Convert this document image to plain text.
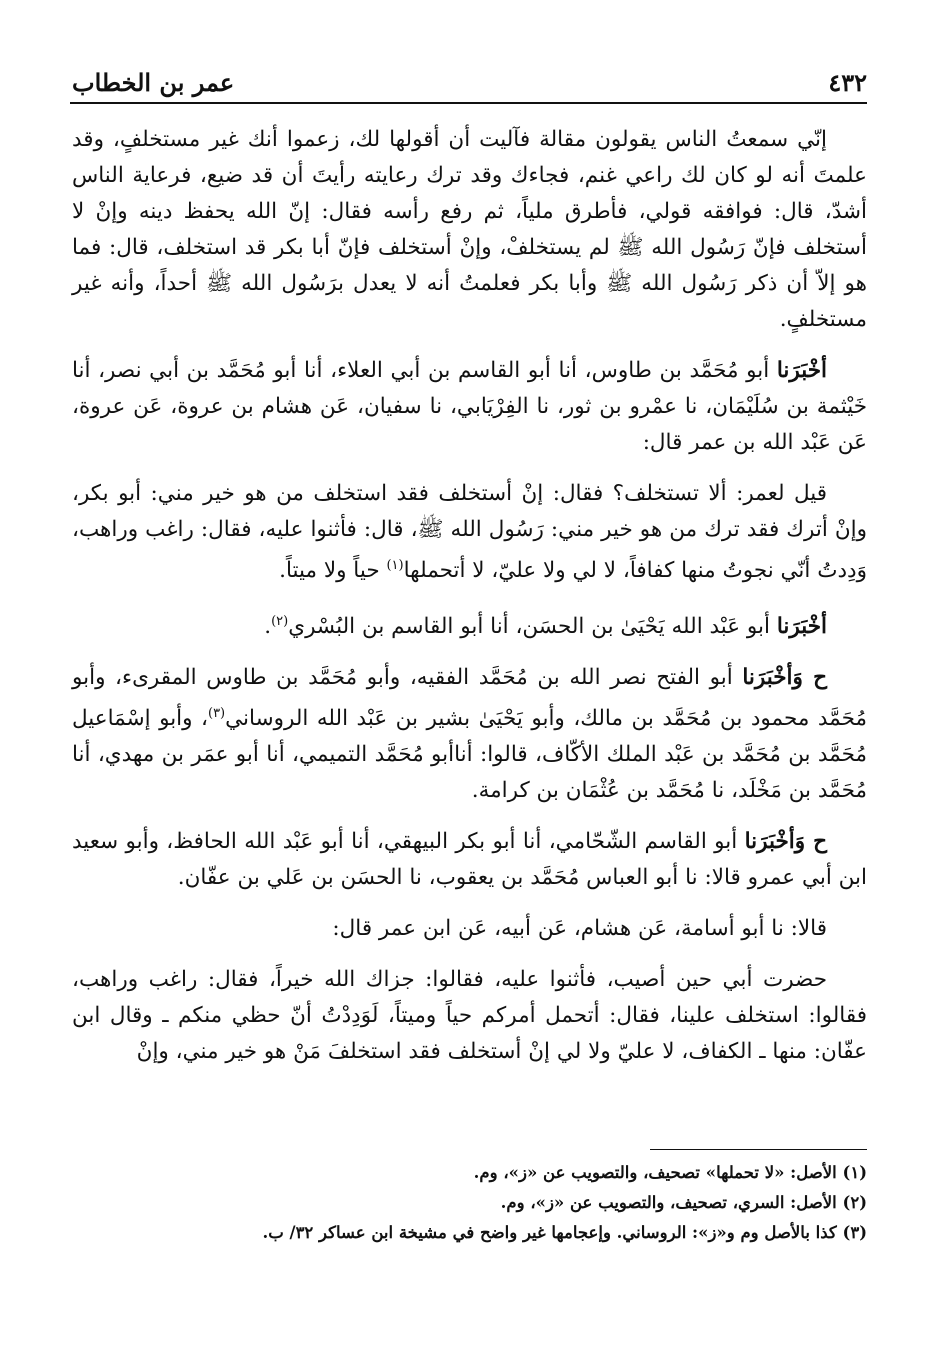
٤٣٢
عمر بن الخطاب

إنّي سمعتُ الناس يقولون مقالة فآليت أن أقولها لك، زعموا أنك غير مستخلفٍ، وقد علمتَ أنه لو كان لك راعي غنم، فجاءك وقد ترك رعايته رأيتَ أن قد ضيع، فرعاية الناس أشدّ، قال: فوافقه قولي، فأطرق ملياً، ثم رفع رأسه فقال: إنّ الله يحفظ دينه وإنْ لا أستخلف فإنّ رَسُول الله ﷺ لم يستخلفْ، وإنْ أستخلف فإنّ أبا بكر قد استخلف، قال: فما هو إلاّ أن ذكر رَسُول الله ﷺ وأبا بكر فعلمتُ أنه لا يعدل برَسُول الله ﷺ أحداً، وأنه غير مستخلفٍ.

أخْبَرَنا أبو مُحَمَّد بن طاوس، أنا أبو القاسم بن أبي العلاء، أنا أبو مُحَمَّد بن أبي نصر، أنا خَيْثمة بن سُلَيْمَان، نا عمْرو بن ثور، نا الفِرْيَابي، نا سفيان، عَن هشام بن عروة، عَن عروة، عَن عَبْد الله بن عمر قال:

قيل لعمر: ألا تستخلف؟ فقال: إنْ أستخلف فقد استخلف من هو خير مني: أبو بكر، وإنْ أترك فقد ترك من هو خير مني: رَسُول الله ﷺ، قال: فأثنوا عليه، فقال: راغب وراهب، وَدِدتُ أنّي نجوتُ منها كفافاً، لا لي ولا عليّ، لا أتحملها$^{(١)}$ حياً ولا ميتاً.

أخْبَرَنا أبو عَبْد الله يَحْيَىٰ بن الحسَن، أنا أبو القاسم بن البُسْري$^{(٢)}$.

ح وَأخْبَرَنا أبو الفتح نصر الله بن مُحَمَّد الفقيه، وأبو مُحَمَّد بن طاوس المقرىء، وأبو مُحَمَّد محمود بن مُحَمَّد بن مالك، وأبو يَحْيَىٰ بشير بن عَبْد الله الروساني$^{(٣)}$، وأبو إسْمَاعيل مُحَمَّد بن مُحَمَّد بن عَبْد الملك الأكّاف، قالوا: أناأبو مُحَمَّد التميمي، أنا أبو عمَر بن مهدي، أنا مُحَمَّد بن مَخْلَد، نا مُحَمَّد بن عُثْمَان بن كرامة.

ح وَأخْبَرَنا أبو القاسم الشّحّامي، أنا أبو بكر البيهقي، أنا أبو عَبْد الله الحافظ، وأبو سعيد ابن أبي عمرو قالا: نا أبو العباس مُحَمَّد بن يعقوب، نا الحسَن بن عَلي بن عفّان.

قالا: نا أبو أسامة، عَن هشام، عَن أبيه، عَن ابن عمر قال:

حضرت أبي حين أصيب، فأثنوا عليه، فقالوا: جزاك الله خيراً، فقال: راغب وراهب، فقالوا: استخلف علينا، فقال: أتحمل أمركم حياً وميتاً، لَوَدِدْتُ أنّ حظي منكم ـ وقال ابن عفّان: منها ـ الكفاف، لا عليّ ولا لي إنْ أستخلف فقد استخلفَ مَنْ هو خير مني، وإنْ

(١) الأصل: «لا تحملها» تصحيف، والتصويب عن «ز»، وم.
(٢) الأصل: السري، تصحيف، والتصويب عن «ز»، وم.
(٣) كذا بالأصل وم و«ز»: الروساني. وإعجامها غير واضح في مشيخة ابن عساكر ٣٢/ ب.
